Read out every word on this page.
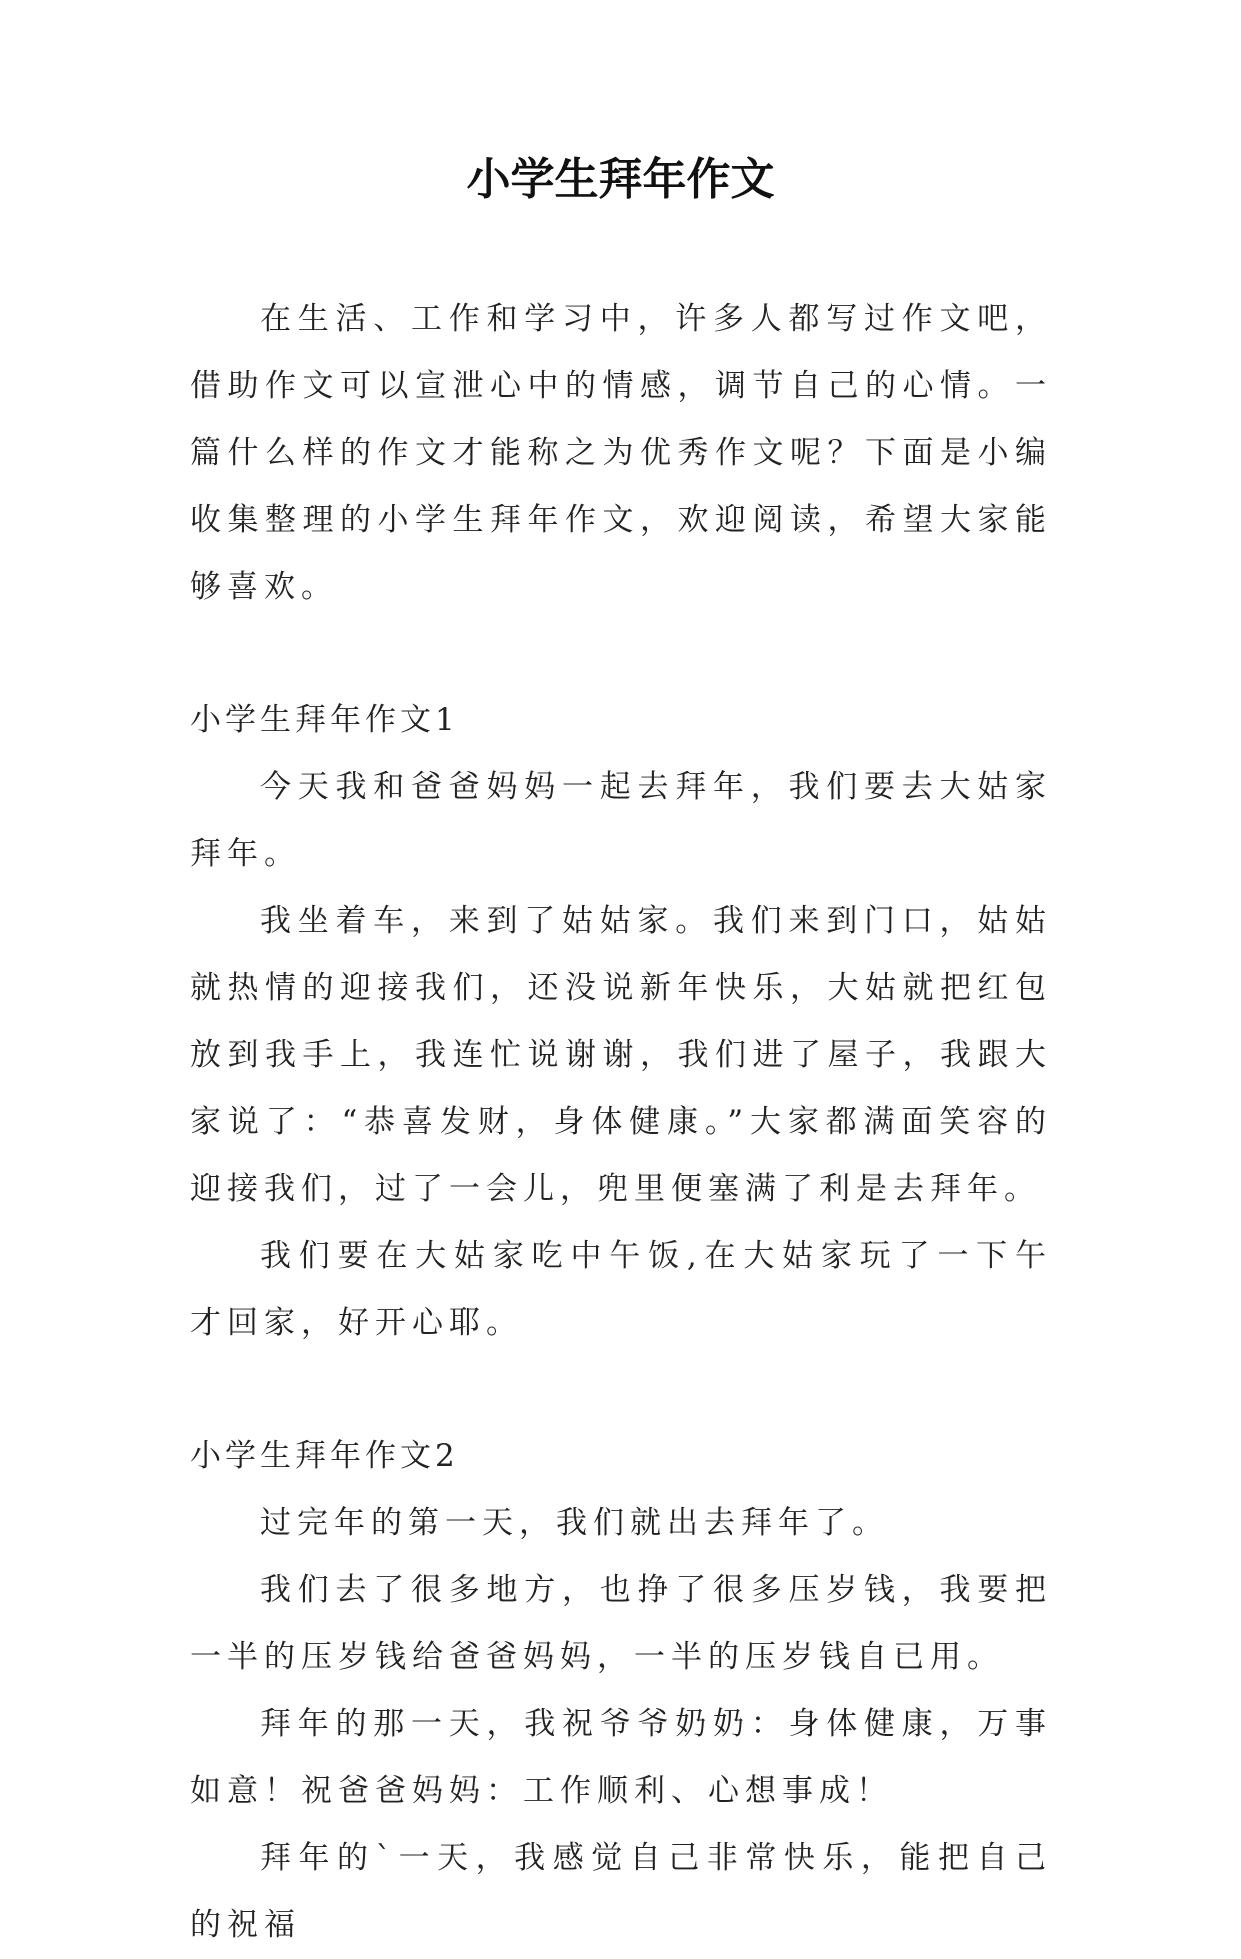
小学生拜年作文

在生活、工作和学习中，许多人都写过作文吧，借助作文可以宣泄心中的情感，调节自己的心情。一篇什么样的作文才能称之为优秀作文呢？下面是小编收集整理的小学生拜年作文，欢迎阅读，希望大家能够喜欢。

小学生拜年作文1

今天我和爸爸妈妈一起去拜年，我们要去大姑家拜年。

我坐着车，来到了姑姑家。我们来到门口，姑姑就热情的迎接我们，还没说新年快乐，大姑就把红包放到我手上，我连忙说谢谢，我们进了屋子，我跟大家说了：“恭喜发财，身体健康。”大家都满面笑容的迎接我们，过了一会儿，兜里便塞满了利是去拜年。

我们要在大姑家吃中午饭,在大姑家玩了一下午才回家，好开心耶。

小学生拜年作文2

过完年的第一天，我们就出去拜年了。

我们去了很多地方，也挣了很多压岁钱，我要把一半的压岁钱给爸爸妈妈，一半的压岁钱自已用。

拜年的那一天，我祝爷爷奶奶：身体健康，万事如意！祝爸爸妈妈：工作顺利、心想事成！

拜年的`一天，我感觉自己非常快乐，能把自己的祝福
